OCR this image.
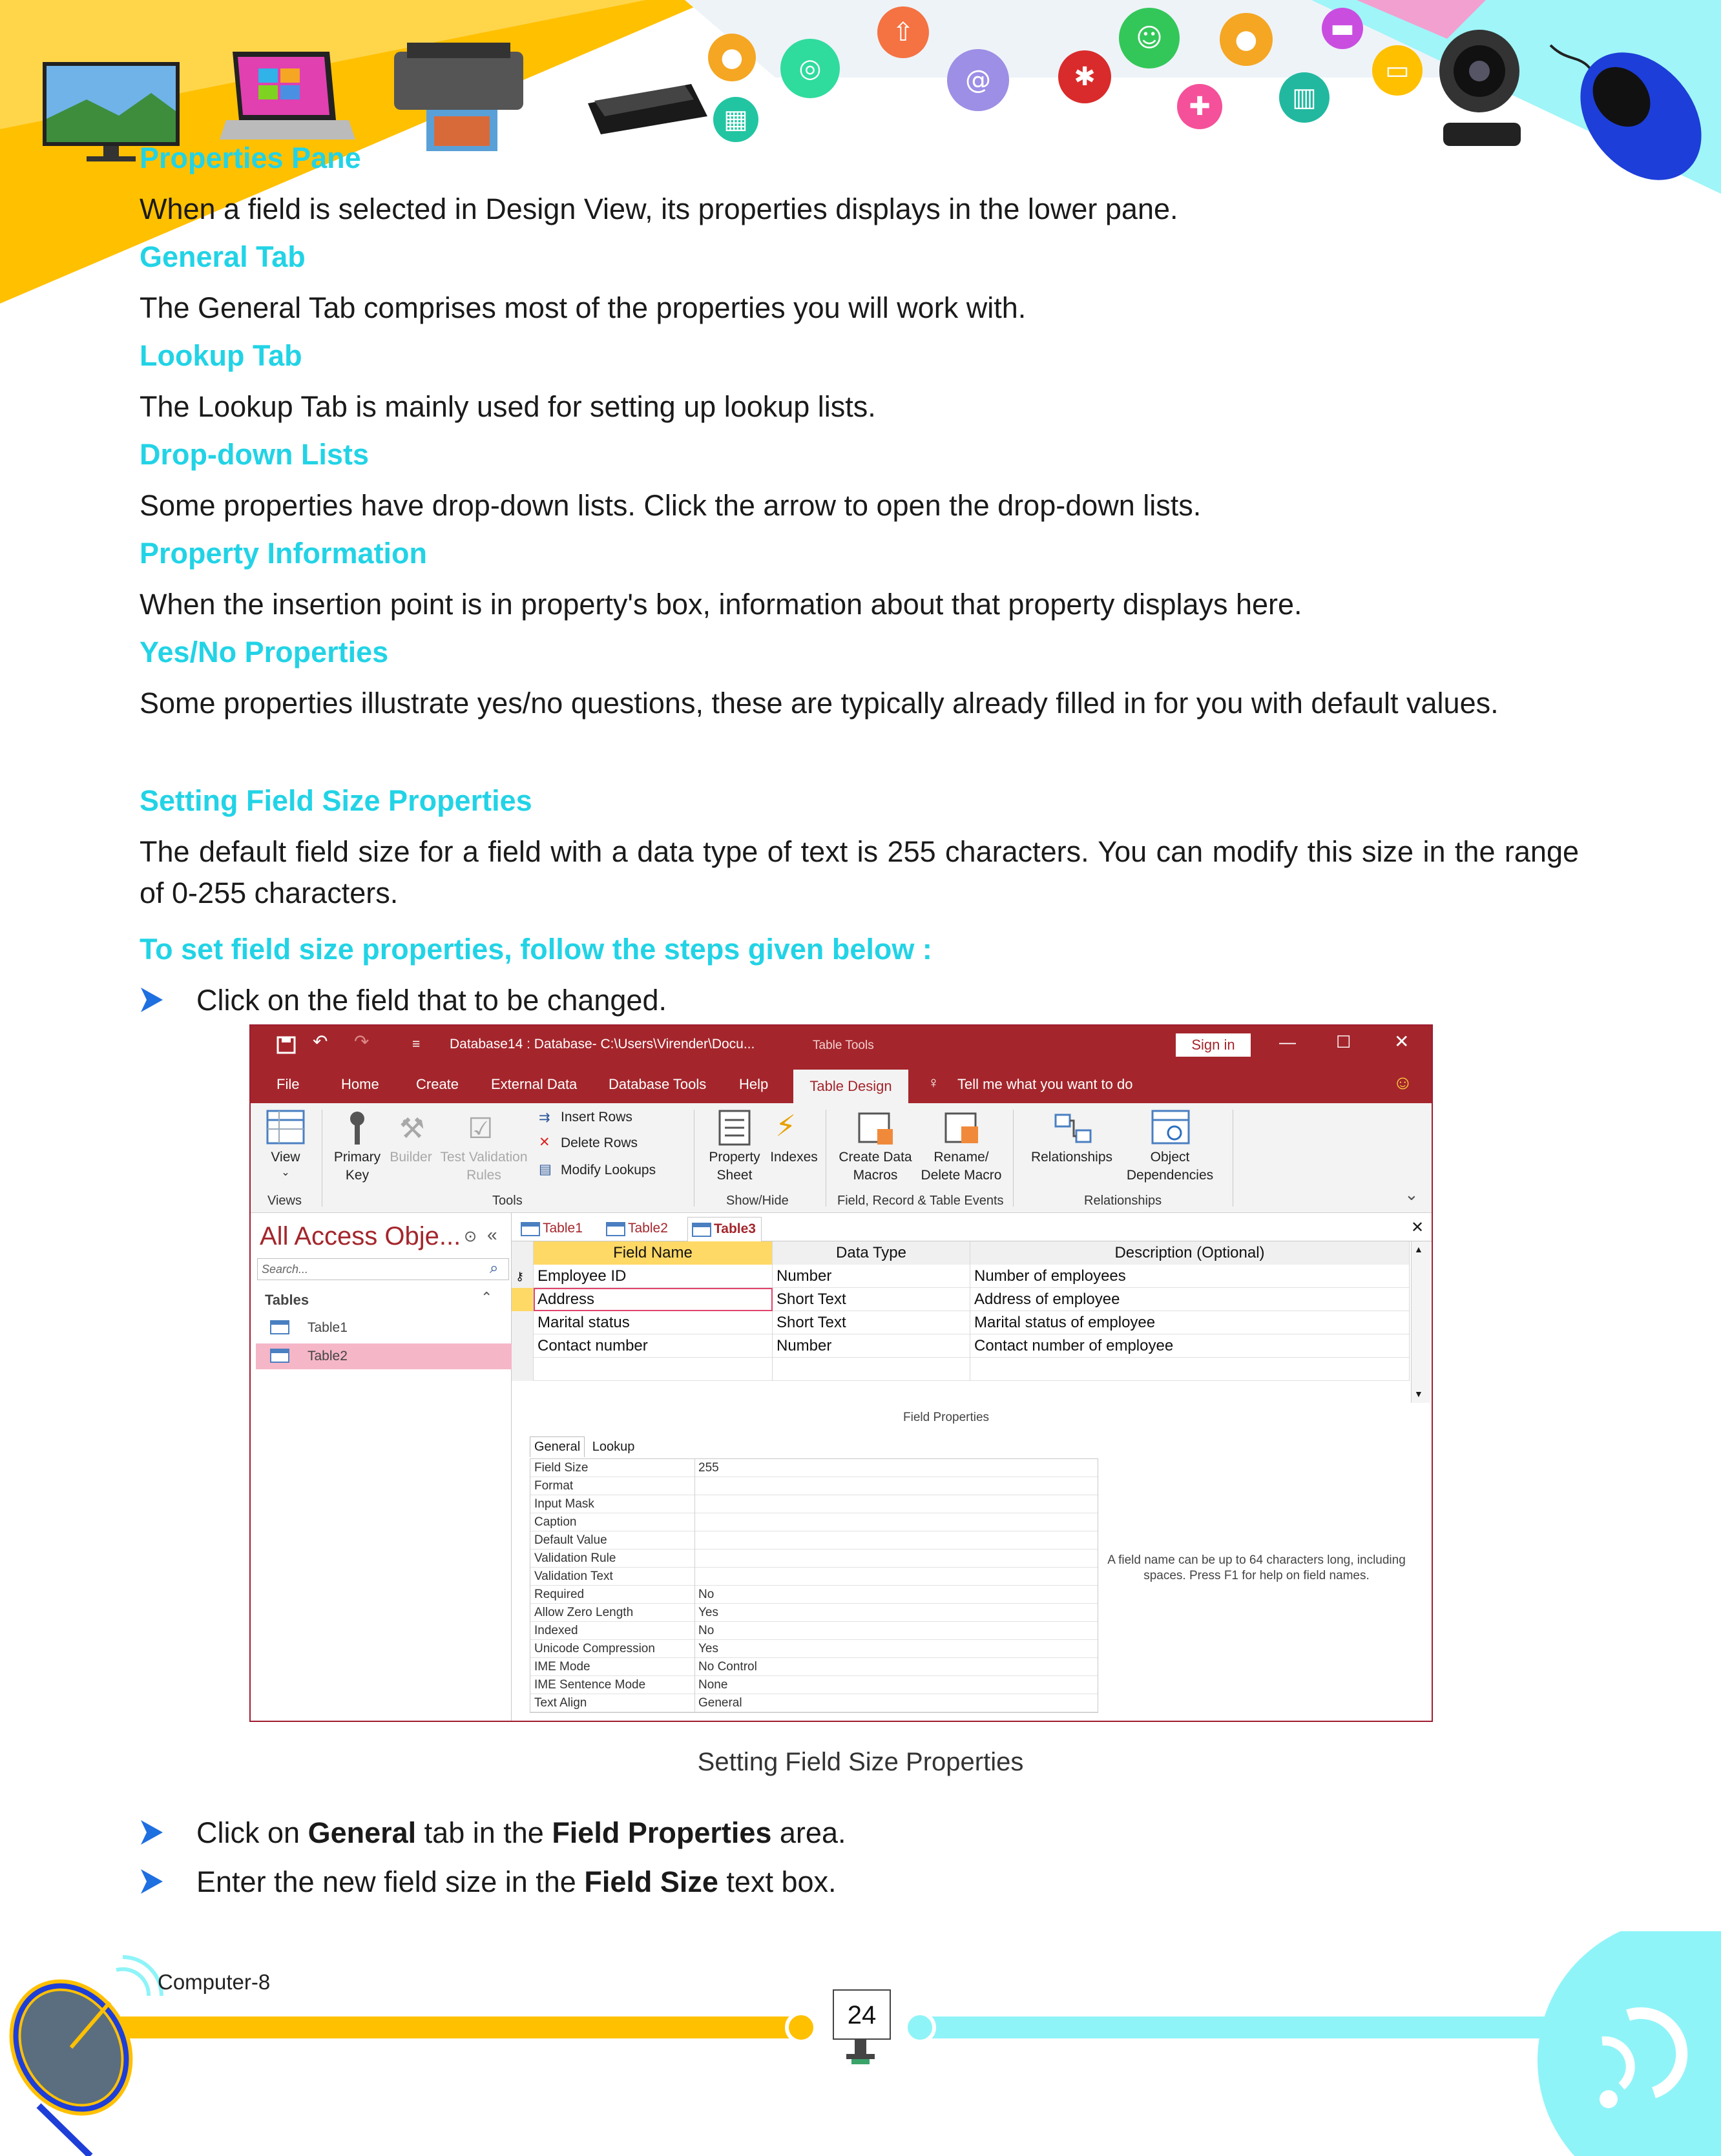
●
▦
◎
⇧
@	✱
☺
✚
●
▥
▬
▭
Properties Pane
When a field is selected in Design View, its properties displays in the lower pane.
General Tab
The General Tab comprises most of the properties you will work with.
Lookup Tab
The Lookup Tab is mainly used for setting up lookup lists.
Drop-down Lists
Some properties have drop-down lists. Click the arrow to open the drop-down lists.
Property Information
When the insertion point is in property's box, information about that property displays here.
Yes/No Properties
Some properties illustrate yes/no questions, these are typically already filled in for you with default values.
Setting Field Size Properties
The default field size for a field with a data type of text is 255 characters. You can modify this size in the range of 0-255 characters.
To set field size properties, follow the steps given below :
Click on the field that to be changed.
↶ ↷	≡ Database14 : Database- C:\Users\Virender\Docu...	Table Tools	Sign in	— ☐ ✕
File	Home	Create External Data Database Tools Help	Table Design	♀ Tell me what you want to do	☺
View
⌄
Primary
Key
Builder
⚒
Test Validation
Rules
☑	⇉ Insert Rows
✕ Delete Rows
▤ Modify Lookups
Property
Sheet
⚡
Indexes	Create Data
Macros
Rename/
Delete Macro
Relationships	Object
Dependencies
⌄
Views	Tools	Show/Hide	Field, Record & Table Events	Relationships
All Access Obje... ⊙ «
Search...	⌕
Tables	⌃
Table1
Table2
Table1	Table2	Table3	✕
Field Name	Data Type	Description (Optional)
⚷ Employee ID	Number	Number of employees
Address	Short Text	Address of employee
Marital status	Short Text	Marital status of employee
Contact number	Number	Contact number of employee
▲
▼
Field Properties
General Lookup
Field Size	255
Format
Input Mask
Caption
Default Value
Validation Rule
Validation Text
Required	No
Allow Zero Length	Yes
Indexed	No
Unicode Compression	Yes
IME Mode	No Control
IME Sentence Mode	None
Text Align	General
A field name can be up to 64 characters long, including spaces. Press F1 for help on field names.
Setting Field Size Properties
Click on General tab in the Field Properties area.
Enter the new field size in the Field Size text box.
Computer-8
24
